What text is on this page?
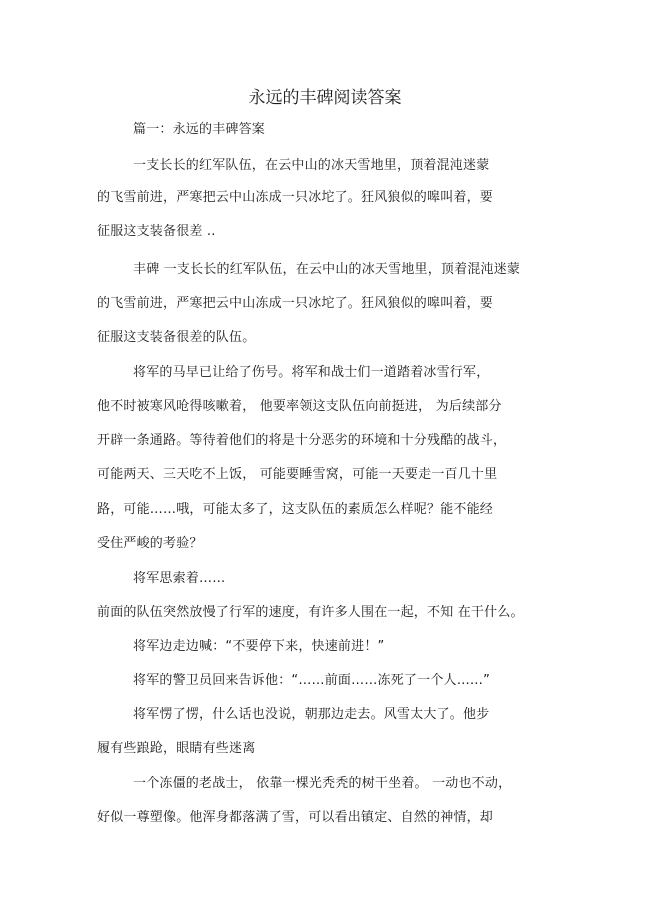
永远的丰碑阅读答案
篇一：永远的丰碑答案
一支长长的红军队伍，在云中山的冰天雪地里，顶着混沌迷蒙
的飞雪前进，严寒把云中山冻成一只冰坨了。狂风狼似的嗥叫着，要
征服这支装备很差 ..
丰碑 一支长长的红军队伍，在云中山的冰天雪地里，顶着混沌迷蒙
的飞雪前进，严寒把云中山冻成一只冰坨了。狂风狼似的嗥叫着，要
征服这支装备很差的队伍。
将军的马早已让给了伤号。将军和战士们一道踏着冰雪行军，
他不时被寒风呛得咳嗽着， 他要率领这支队伍向前挺进， 为后续部分
开辟一条通路。等待着他们的将是十分恶劣的环境和十分残酷的战斗，
可能两天、三天吃不上饭， 可能要睡雪窝，可能一天要走一百几十里
路，可能……哦，可能太多了，这支队伍的素质怎么样呢？能不能经
受住严峻的考验？
将军思索着……
前面的队伍突然放慢了行军的速度，有许多人围在一起，不知 在干什么。
将军边走边喊：“不要停下来，快速前进！”
将军的警卫员回来告诉他：“……前面……冻死了一个人……”
将军愣了愣，什么话也没说，朝那边走去。风雪太大了。他步
履有些踉跄，眼睛有些迷离
一个冻僵的老战士， 依靠一棵光秃秃的树干坐着。 一动也不动，
好似一尊塑像。他浑身都落满了雪，可以看出镇定、自然的神情，却
